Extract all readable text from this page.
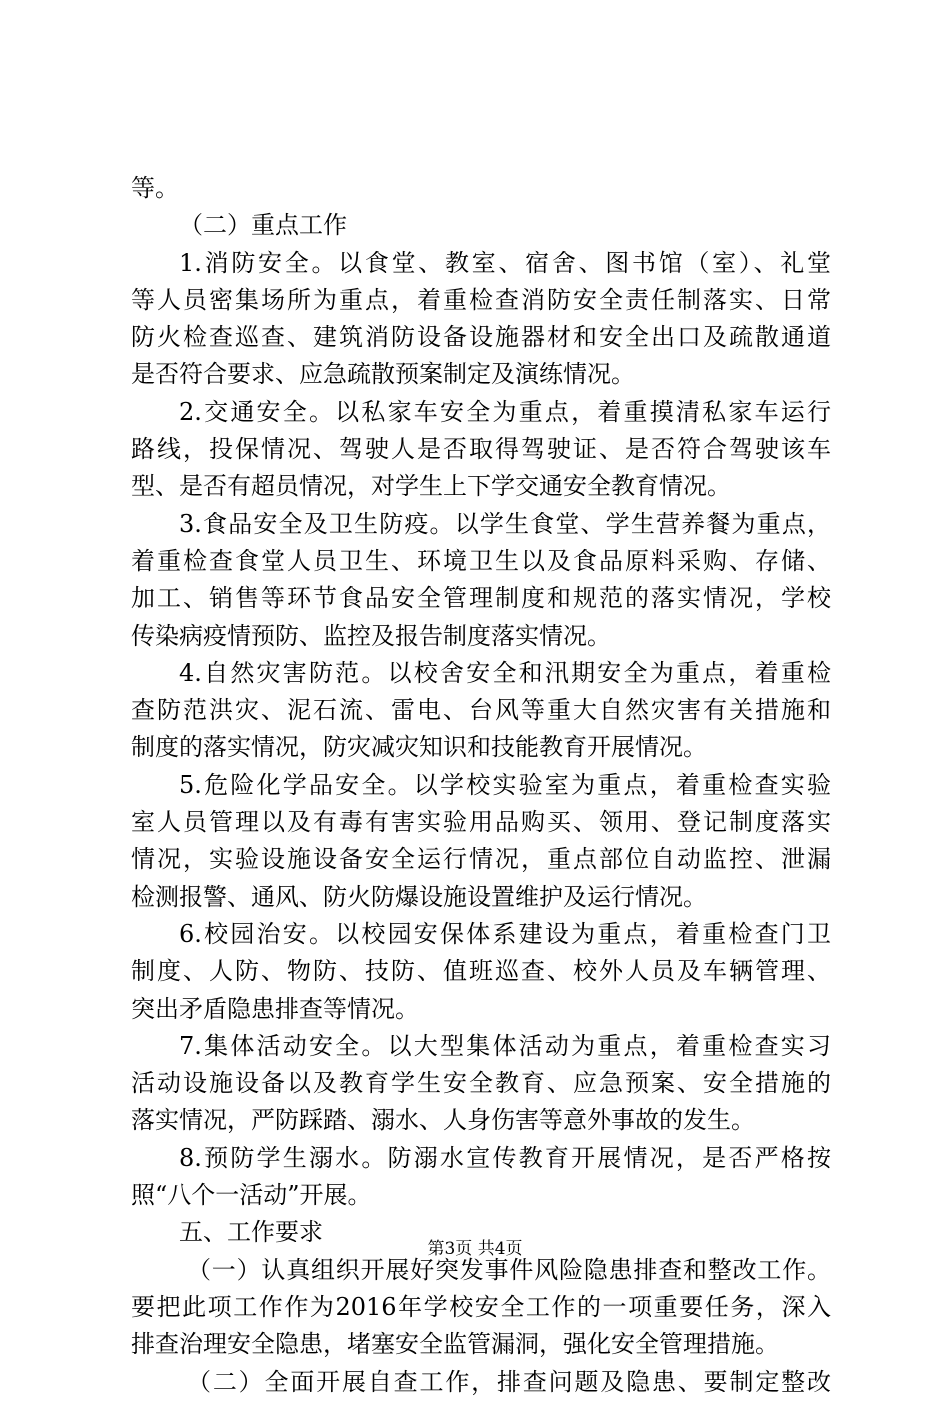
等。
（二）重点工作
1.消防安全。以食堂、教室、宿舍、图书馆（室）、礼堂
等人员密集场所为重点，着重检查消防安全责任制落实、日常
防火检查巡查、建筑消防设备设施器材和安全出口及疏散通道
是否符合要求、应急疏散预案制定及演练情况。
2.交通安全。以私家车安全为重点，着重摸清私家车运行
路线，投保情况、驾驶人是否取得驾驶证、是否符合驾驶该车
型、是否有超员情况，对学生上下学交通安全教育情况。
3.食品安全及卫生防疫。以学生食堂、学生营养餐为重点，
着重检查食堂人员卫生、环境卫生以及食品原料采购、存储、
加工、销售等环节食品安全管理制度和规范的落实情况，学校
传染病疫情预防、监控及报告制度落实情况。
4.自然灾害防范。以校舍安全和汛期安全为重点，着重检
查防范洪灾、泥石流、雷电、台风等重大自然灾害有关措施和
制度的落实情况，防灾减灾知识和技能教育开展情况。
5.危险化学品安全。以学校实验室为重点，着重检查实验
室人员管理以及有毒有害实验用品购买、领用、登记制度落实
情况，实验设施设备安全运行情况，重点部位自动监控、泄漏
检测报警、通风、防火防爆设施设置维护及运行情况。
6.校园治安。以校园安保体系建设为重点，着重检查门卫
制度、人防、物防、技防、值班巡查、校外人员及车辆管理、
突出矛盾隐患排查等情况。
7.集体活动安全。以大型集体活动为重点，着重检查实习
活动设施设备以及教育学生安全教育、应急预案、安全措施的
落实情况，严防踩踏、溺水、人身伤害等意外事故的发生。
8.预防学生溺水。防溺水宣传教育开展情况，是否严格按
照“八个一活动”开展。
五、工作要求
（一）认真组织开展好突发事件风险隐患排查和整改工作。
要把此项工作作为2016年学校安全工作的一项重要任务，深入
排查治理安全隐患，堵塞安全监管漏洞，强化安全管理措施。
（二）全面开展自查工作，排查问题及隐患、要制定整改
第3页 共4页
